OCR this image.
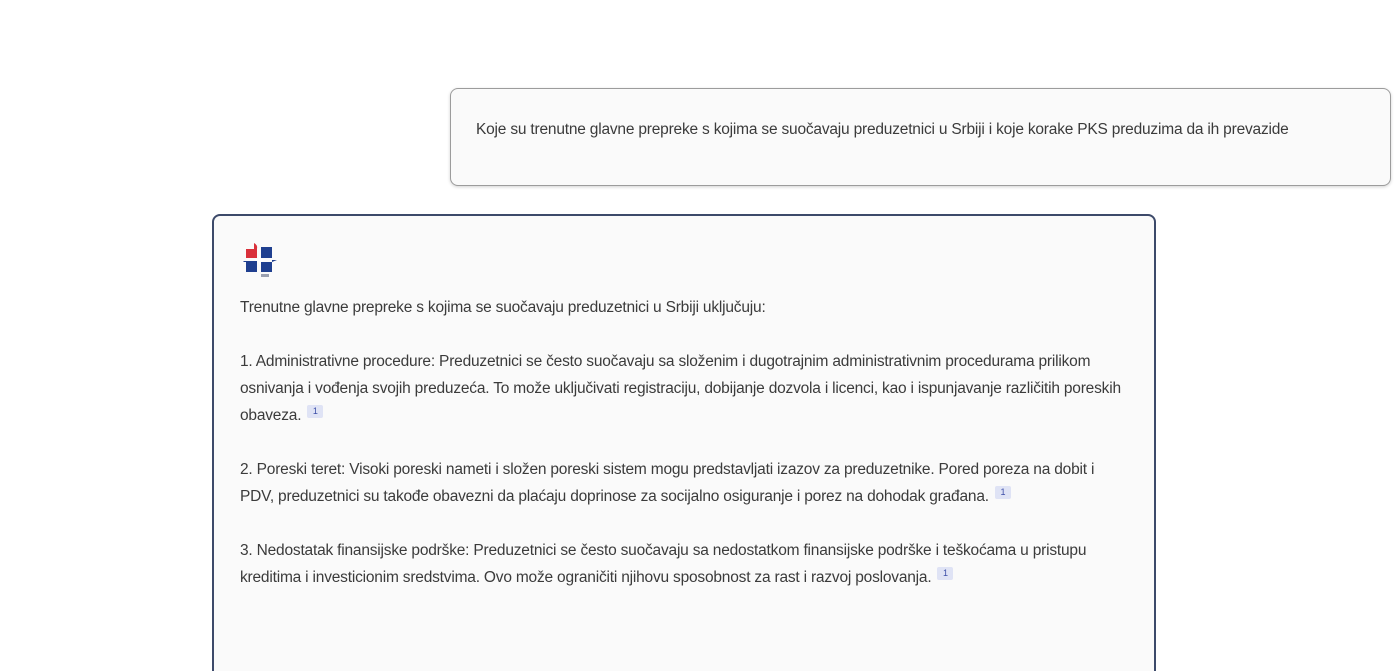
Koje su trenutne glavne prepreke s kojima se suočavaju preduzetnici u Srbiji i koje korake PKS preduzima da ih prevazide

Trenutne glavne prepreke s kojima se suočavaju preduzetnici u Srbiji uključuju:

1. Administrativne procedure: Preduzetnici se često suočavaju sa složenim i dugotrajnim administrativnim procedurama prilikom osnivanja i vođenja svojih preduzeća. To može uključivati registraciju, dobijanje dozvola i licenci, kao i ispunjavanje različitih poreskih obaveza. 1

2. Poreski teret: Visoki poreski nameti i složen poreski sistem mogu predstavljati izazov za preduzetnike. Pored poreza na dobit i PDV, preduzetnici su takođe obavezni da plaćaju doprinose za socijalno osiguranje i porez na dohodak građana. 1

3. Nedostatak finansijske podrške: Preduzetnici se često suočavaju sa nedostatkom finansijske podrške i teškoćama u pristupu kreditima i investicionim sredstvima. Ovo može ograničiti njihovu sposobnost za rast i razvoj poslovanja. 1
